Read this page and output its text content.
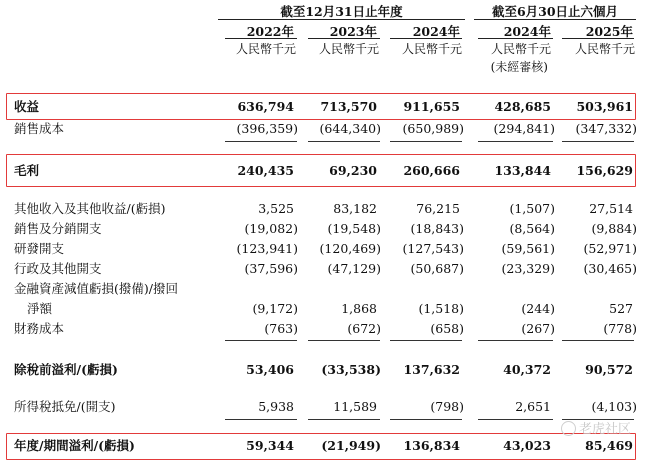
截至12月31日止年度	截至6月30日止六個月
2022年	2023年	2024年	2024年	2025年
人民幣千元 人民幣千元 人民幣千元 人民幣千元 人民幣千元
(未經審核)
收益	636,794 713,570 911,655	428,685 503,961
銷售成本	(396,359) (644,340) (650,989) (294,841) (347,332)
毛利	240,435	69,230 260,666	133,844 156,629
其他收入及其他收益/(虧損)	3,525	83,182	76,215	(1,507)	27,514
銷售及分銷開支	(19,082) (19,548) (18,843)	(8,564)	(9,884)
研發開支	(123,941) (120,469) (127,543)	(59,561) (52,971)
行政及其他開支	(37,596) (47,129) (50,687)	(23,329) (30,465)
金融資產減值虧損(撥備)/撥回
淨額	(9,172)	1,868	(1,518)	(244)	527
財務成本	(763)	(672)	(658)	(267)	(778)
除稅前溢利/(虧損)	53,406 (33,538) 137,632	40,372	90,572
所得稅抵免/(開支)	5,938	11,589	(798)	2,651	(4,103)
老虎社区
年度/期間溢利/(虧損)	59,344 (21,949) 136,834	43,023	85,469
